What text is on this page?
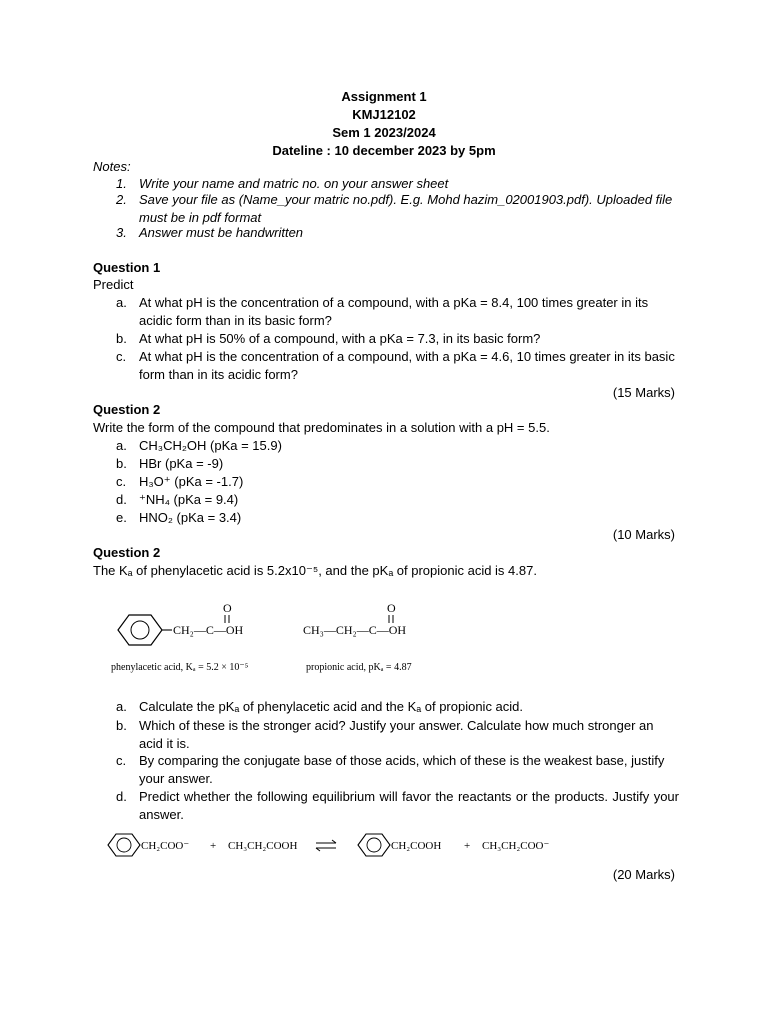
Assignment 1
KMJ12102
Sem 1 2023/2024
Dateline : 10 december 2023 by 5pm
Notes:
1. Write your name and matric no. on your answer sheet
2. Save your file as (Name_your matric no.pdf). E.g. Mohd hazim_02001903.pdf). Uploaded file must be in pdf format
3. Answer must be handwritten
Question 1
Predict
a. At what pH is the concentration of a compound, with a pKa = 8.4, 100 times greater in its acidic form than in its basic form?
b. At what pH is 50% of a compound, with a pKa = 7.3, in its basic form?
c. At what pH is the concentration of a compound, with a pKa = 4.6, 10 times greater in its basic form than in its acidic form?
(15 Marks)
Question 2
Write the form of the compound that predominates in a solution with a pH = 5.5.
a. CH₃CH₂OH (pKa = 15.9)
b. HBr (pKa = -9)
c. H₃O⁺ (pKa = -1.7)
d. ⁺NH₄ (pKa = 9.4)
e. HNO₂ (pKa = 3.4)
(10 Marks)
Question 2
The Kₐ of phenylacetic acid is 5.2x10⁻⁵, and the pKₐ of propionic acid is 4.87.
CH₂—C—OH
O
phenylacetic acid, Kₐ = 5.2 × 10⁻⁵
CH₃—CH₂—C—OH
O
propionic acid, pKₐ = 4.87
a. Calculate the pKₐ of phenylacetic acid and the Kₐ of propionic acid.
b. Which of these is the stronger acid? Justify your answer. Calculate how much stronger an acid it is.
c. By comparing the conjugate base of those acids, which of these is the weakest base, justify your answer.
d. Predict whether the following equilibrium will favor the reactants or the products. Justify your answer.
CH₂COO⁻ + CH₃CH₂COOH	CH₂COOH + CH₃CH₂COO⁻
(20 Marks)
